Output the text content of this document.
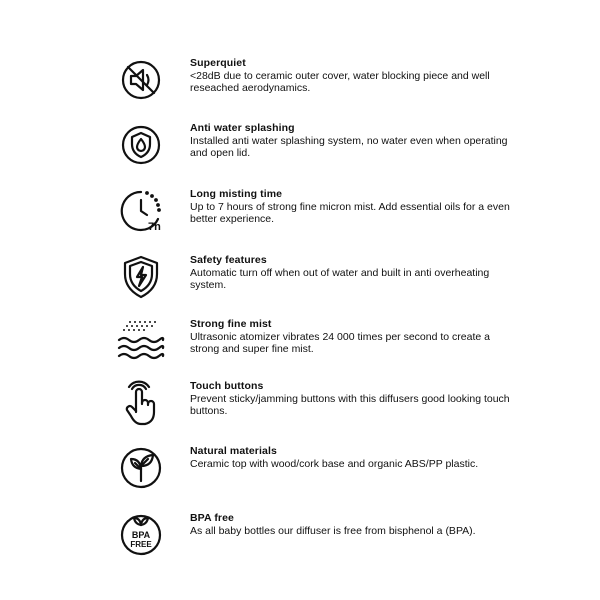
Superquiet
<28dB due to ceramic outer cover, water blocking piece and well reseached aerodynamics.
Anti water splashing
Installed anti water splashing system, no water even when operating and open lid.
7h
Long misting time
Up to 7 hours of strong fine micron mist. Add essential oils for a even better experience.
Safety features
Automatic turn off when out of water and built in anti overheating system.
Strong fine mist
Ultrasonic atomizer vibrates 24 000 times per second to create a strong and super fine mist.
Touch buttons
Prevent sticky/jamming buttons with this diffusers good looking touch buttons.
Natural materials
Ceramic top with wood/cork base and organic ABS/PP plastic.
BPA
FREE
BPA free
As all baby bottles our diffuser is free from bisphenol a (BPA).
